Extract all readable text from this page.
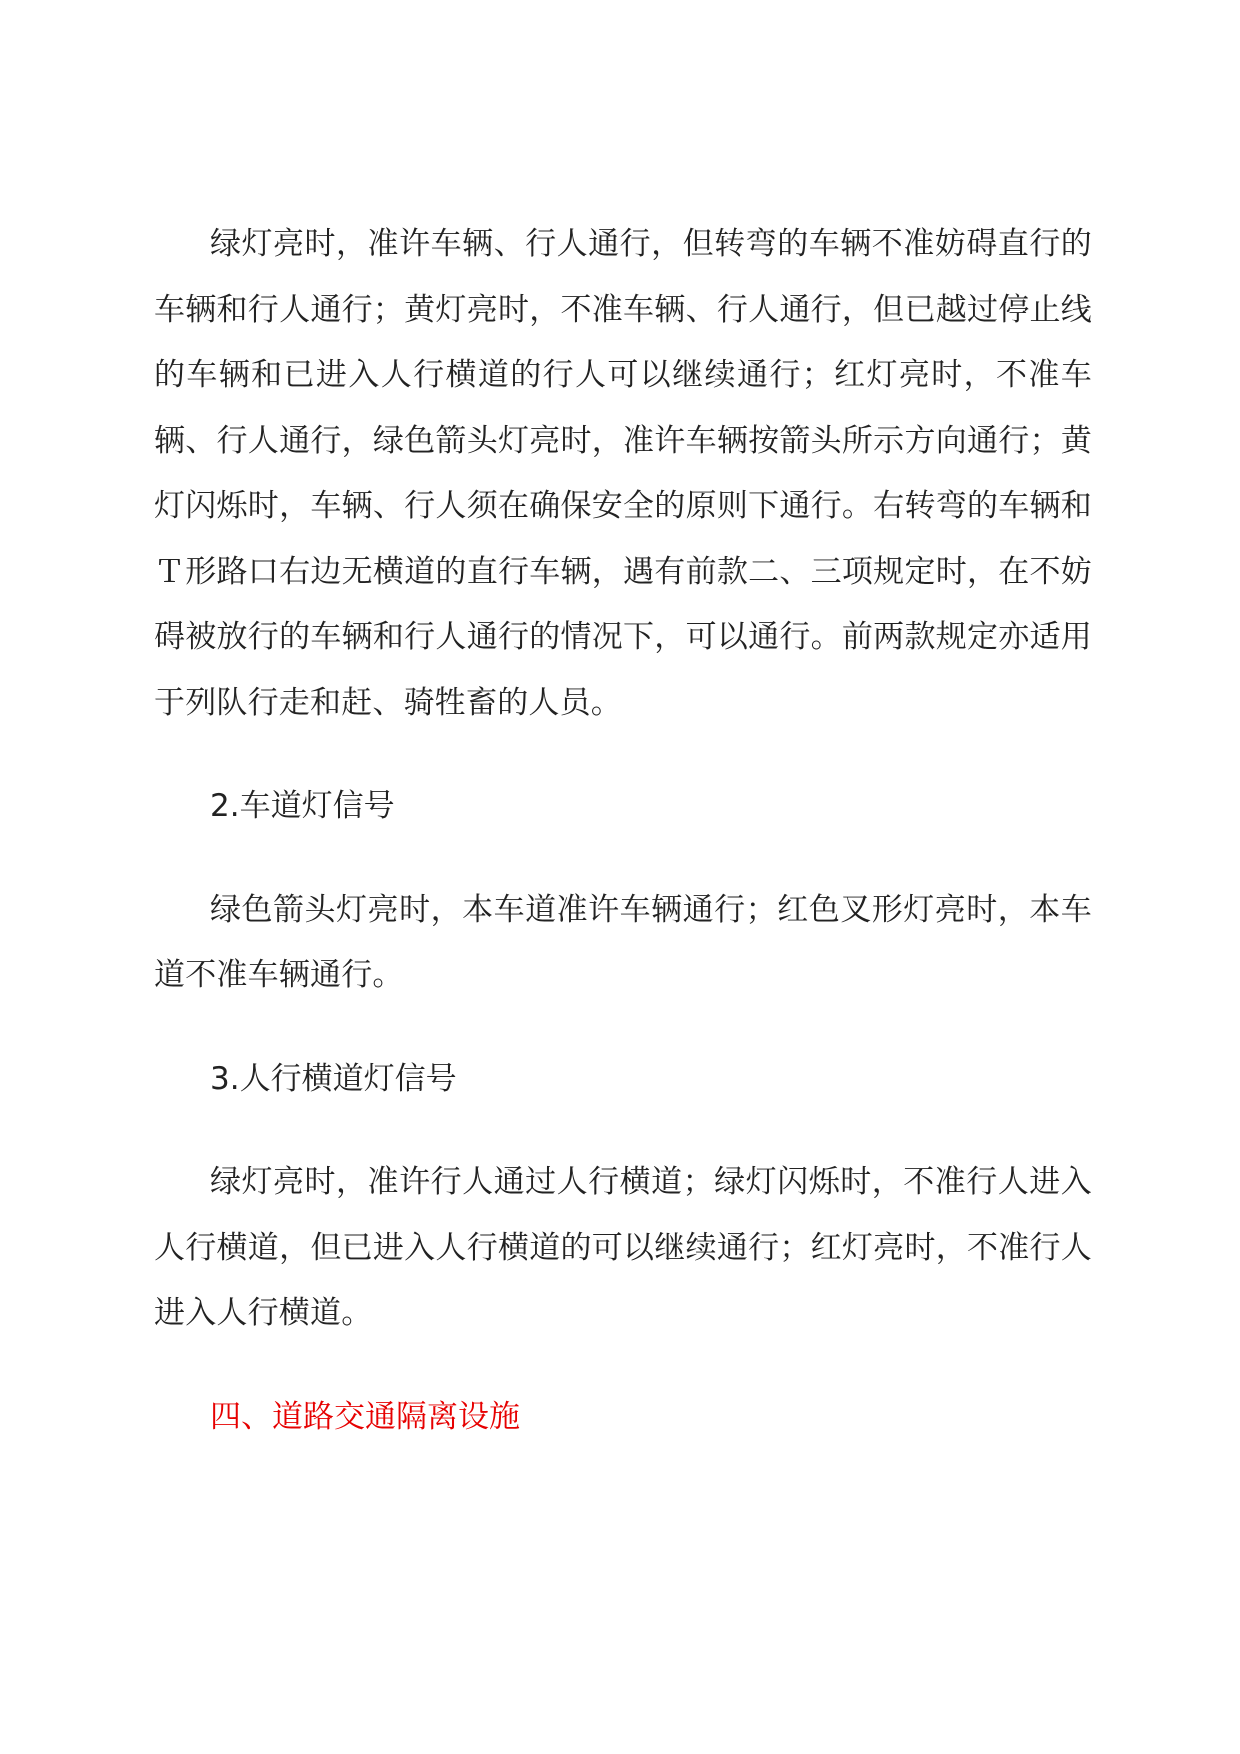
绿灯亮时，准许车辆、行人通行，但转弯的车辆不准妨碍直行的车辆和行人通行；黄灯亮时，不准车辆、行人通行，但已越过停止线的车辆和已进入人行横道的行人可以继续通行；红灯亮时，不准车辆、行人通行，绿色箭头灯亮时，准许车辆按箭头所示方向通行；黄灯闪烁时，车辆、行人须在确保安全的原则下通行。右转弯的车辆和Ｔ形路口右边无横道的直行车辆，遇有前款二、三项规定时，在不妨碍被放行的车辆和行人通行的情况下，可以通行。前两款规定亦适用于列队行走和赶、骑牲畜的人员。

2.车道灯信号

绿色箭头灯亮时，本车道准许车辆通行；红色叉形灯亮时，本车道不准车辆通行。

3.人行横道灯信号

绿灯亮时，准许行人通过人行横道；绿灯闪烁时，不准行人进入人行横道，但已进入人行横道的可以继续通行；红灯亮时，不准行人进入人行横道。

四、道路交通隔离设施
